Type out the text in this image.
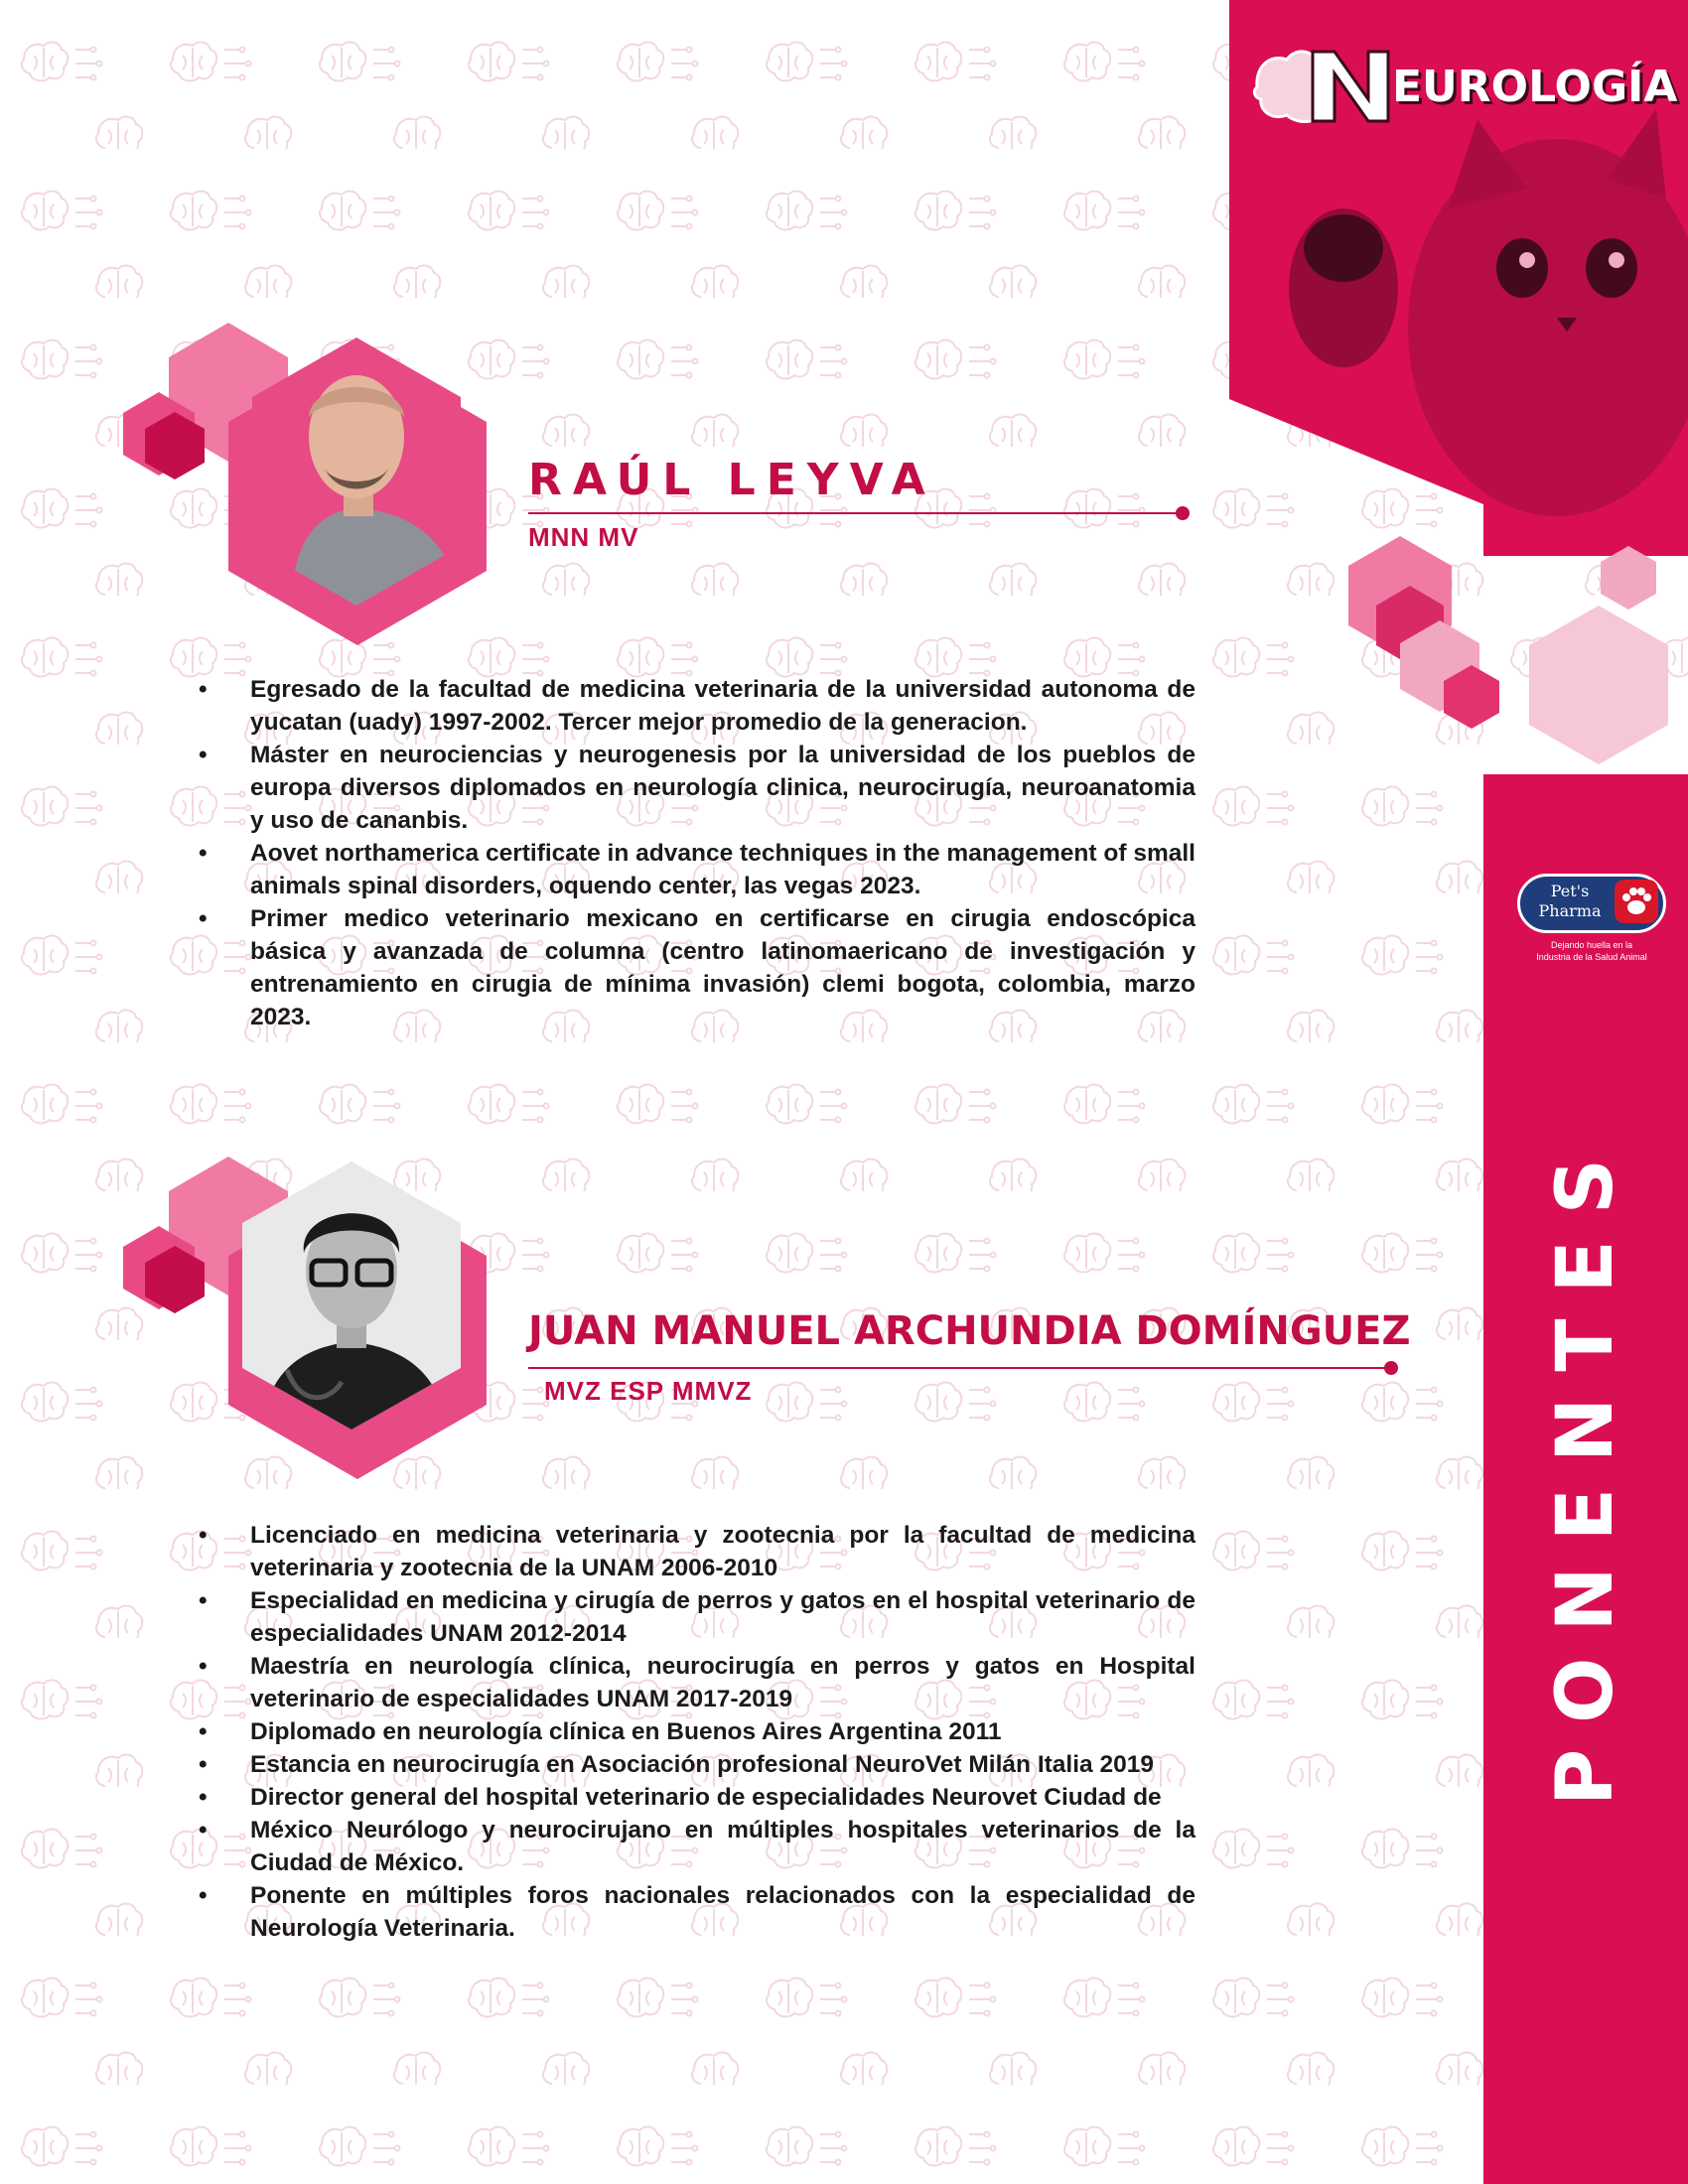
EUROLOGÍA
PONENTES
Pet's
Pharma
Dejando huella en la
Industria de la Salud Animal
RAÚL LEYVA
MNN MV
• Egresado de la facultad de medicina veterinaria de la universidad autonoma de yucatan (uady) 1997-2002. Tercer mejor promedio de la generacion.
• Máster en neurociencias y neurogenesis por la universidad de los pueblos de europa diversos diplomados en neurología clinica, neurocirugía, neuroanatomia y uso de cananbis.
• Aovet northamerica certificate in advance techniques in the management of small animals spinal disorders, oquendo center, las vegas 2023.
• Primer medico veterinario mexicano en certificarse en cirugia endoscópica básica y avanzada de columna (centro latinomaericano de investigación y entrenamiento en cirugia de mínima invasión) clemi bogota, colombia, marzo 2023.
JUAN MANUEL ARCHUNDIA DOMÍNGUEZ
MVZ ESP MMVZ
• Licenciado en medicina veterinaria y zootecnia por la facultad de medicina veterinaria y zootecnia de la UNAM 2006-2010
• Especialidad en medicina y cirugía de perros y gatos en el hospital veterinario de especialidades UNAM 2012-2014
• Maestría en neurología clínica, neurocirugía en perros y gatos en Hospital veterinario de especialidades UNAM 2017-2019
• Diplomado en neurología clínica en Buenos Aires Argentina 2011
• Estancia en neurocirugía en Asociación profesional NeuroVet Milán Italia 2019
• Director general del hospital veterinario de especialidades Neurovet Ciudad de
• México Neurólogo y neurocirujano en múltiples hospitales veterinarios de la Ciudad de México.
• Ponente en múltiples foros nacionales relacionados con la especialidad de Neurología Veterinaria.
